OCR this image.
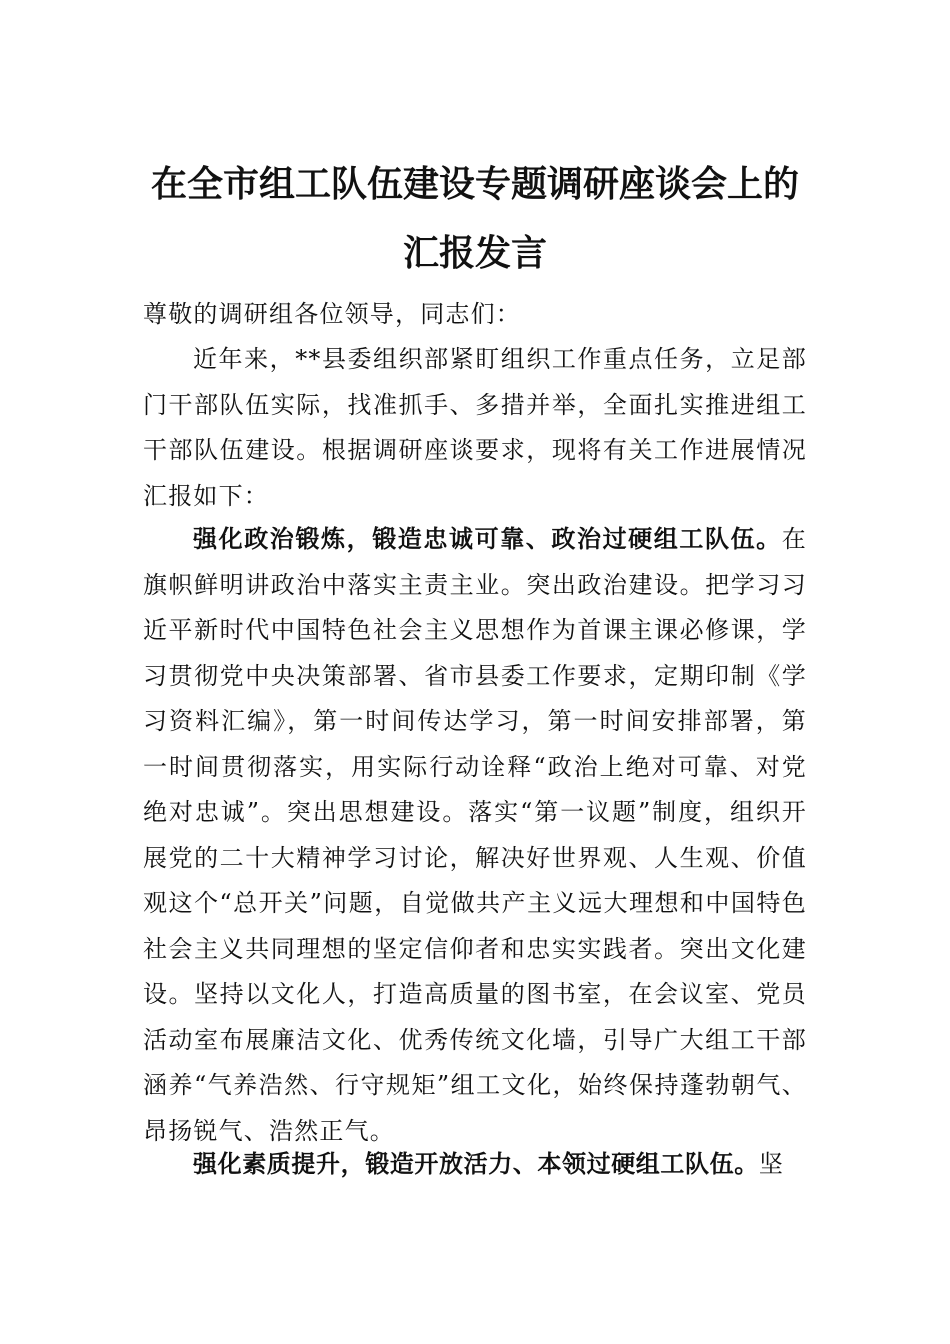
在全市组工队伍建设专题调研座谈会上的
汇报发言
尊敬的调研组各位领导，同志们：
近年来，**县委组织部紧盯组织工作重点任务，立足部门干部队伍实际，找准抓手、多措并举，全面扎实推进组工干部队伍建设。根据调研座谈要求，现将有关工作进展情况汇报如下：
强化政治锻炼，锻造忠诚可靠、政治过硬组工队伍。在旗帜鲜明讲政治中落实主责主业。突出政治建设。把学习习近平新时代中国特色社会主义思想作为首课主课必修课，学习贯彻党中央决策部署、省市县委工作要求，定期印制《学习资料汇编》，第一时间传达学习，第一时间安排部署，第一时间贯彻落实，用实际行动诠释“政治上绝对可靠、对党绝对忠诚”。突出思想建设。落实“第一议题”制度，组织开展党的二十大精神学习讨论，解决好世界观、人生观、价值观这个“总开关”问题，自觉做共产主义远大理想和中国特色社会主义共同理想的坚定信仰者和忠实实践者。突出文化建设。坚持以文化人，打造高质量的图书室，在会议室、党员活动室布展廉洁文化、优秀传统文化墙，引导广大组工干部涵养“气养浩然、行守规矩”组工文化，始终保持蓬勃朝气、昂扬锐气、浩然正气。
强化素质提升，锻造开放活力、本领过硬组工队伍。坚
